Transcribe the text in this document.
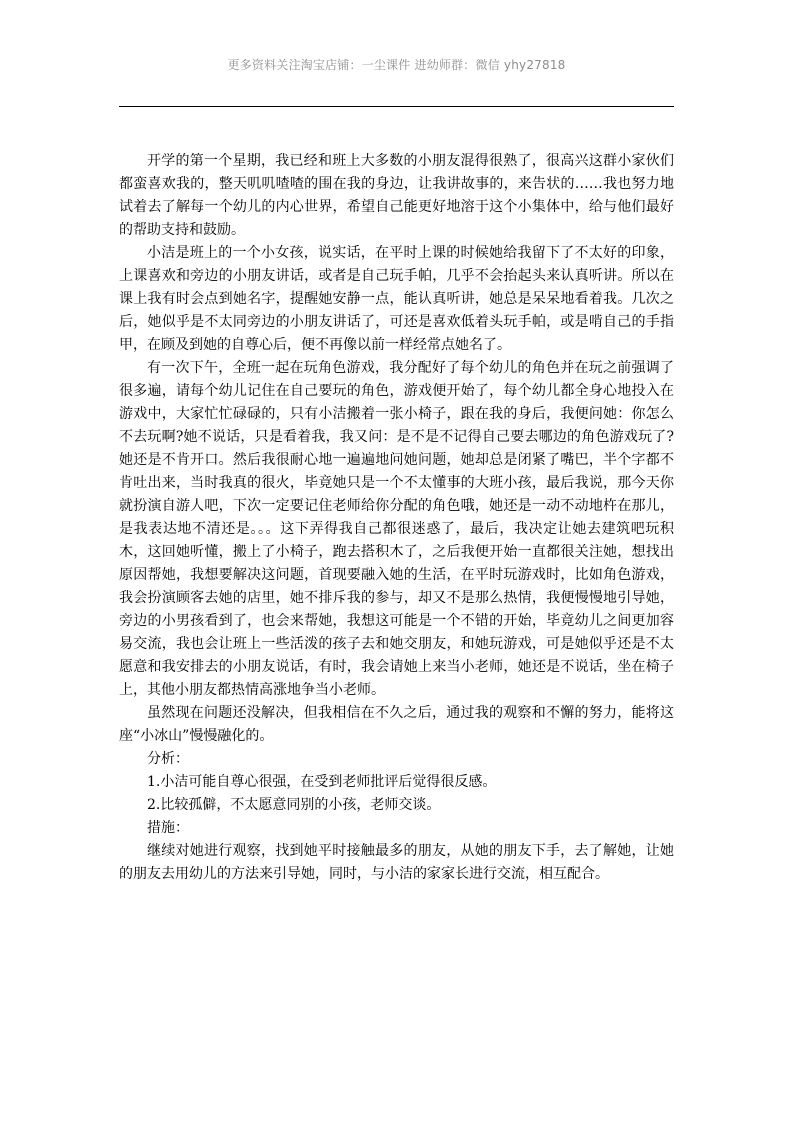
更多资料关注淘宝店铺：一尘课件 进幼师群：微信 yhy27818

开学的第一个星期，我已经和班上大多数的小朋友混得很熟了，很高兴这群小家伙们都蛮喜欢我的，整天叽叽喳喳的围在我的身边，让我讲故事的，来告状的……我也努力地试着去了解每一个幼儿的内心世界，希望自己能更好地溶于这个小集体中，给与他们最好的帮助支持和鼓励。

小洁是班上的一个小女孩，说实话，在平时上课的时候她给我留下了不太好的印象，上课喜欢和旁边的小朋友讲话，或者是自己玩手帕，几乎不会抬起头来认真听讲。所以在课上我有时会点到她名字，提醒她安静一点，能认真听讲，她总是呆呆地看着我。几次之后，她似乎是不太同旁边的小朋友讲话了，可还是喜欢低着头玩手帕，或是啃自己的手指甲，在顾及到她的自尊心后，便不再像以前一样经常点她名了。

有一次下午，全班一起在玩角色游戏，我分配好了每个幼儿的角色并在玩之前强调了很多遍，请每个幼儿记住在自己要玩的角色，游戏便开始了，每个幼儿都全身心地投入在游戏中，大家忙忙碌碌的，只有小洁搬着一张小椅子，跟在我的身后，我便问她：你怎么不去玩啊?她不说话，只是看着我，我又问：是不是不记得自己要去哪边的角色游戏玩了?她还是不肯开口。然后我很耐心地一遍遍地问她问题，她却总是闭紧了嘴巴，半个字都不肯吐出来，当时我真的很火，毕竟她只是一个不太懂事的大班小孩，最后我说，那今天你就扮演自游人吧，下次一定要记住老师给你分配的角色哦，她还是一动不动地杵在那儿，是我表达地不清还是。。。这下弄得我自己都很迷惑了，最后，我决定让她去建筑吧玩积木，这回她听懂，搬上了小椅子，跑去搭积木了，之后我便开始一直都很关注她，想找出原因帮她，我想要解决这问题，首现要融入她的生活，在平时玩游戏时，比如角色游戏，我会扮演顾客去她的店里，她不排斥我的参与，却又不是那么热情，我便慢慢地引导她，旁边的小男孩看到了，也会来帮她，我想这可能是一个不错的开始，毕竟幼儿之间更加容易交流，我也会让班上一些活泼的孩子去和她交朋友，和她玩游戏，可是她似乎还是不太愿意和我安排去的小朋友说话，有时，我会请她上来当小老师，她还是不说话，坐在椅子上，其他小朋友都热情高涨地争当小老师。

虽然现在问题还没解决，但我相信在不久之后，通过我的观察和不懈的努力，能将这座“小冰山”慢慢融化的。

分析：

1.小洁可能自尊心很强，在受到老师批评后觉得很反感。

2.比较孤僻，不太愿意同别的小孩，老师交谈。

措施：

继续对她进行观察，找到她平时接触最多的朋友，从她的朋友下手，去了解她，让她的朋友去用幼儿的方法来引导她，同时，与小洁的家家长进行交流，相互配合。
